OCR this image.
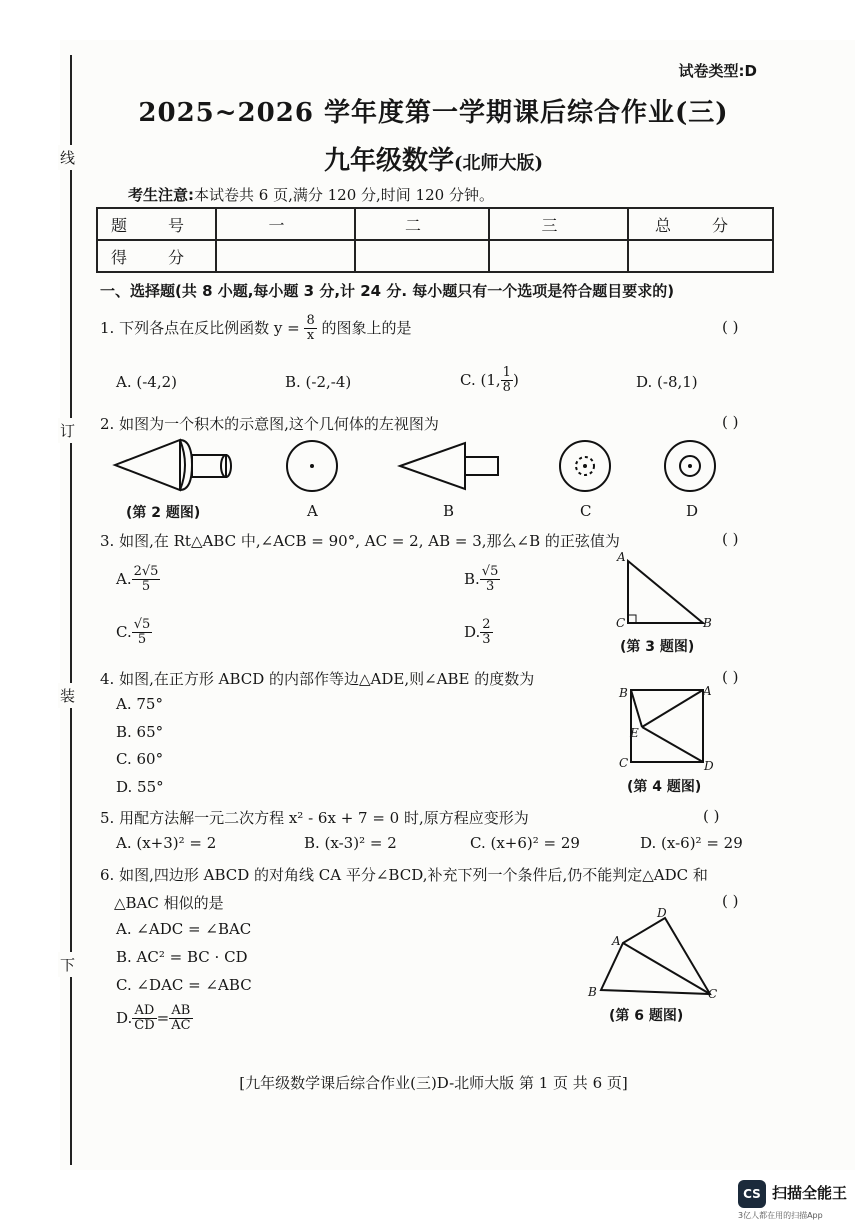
线
订
装
下
试卷类型:D
2025~2026 学年度第一学期课后综合作业(三)
九年级数学(北师大版)
考生注意:本试卷共 6 页,满分 120 分,时间 120 分钟。
题 号	一	二	三	总 分
得 分				
一、选择题(共 8 小题,每小题 3 分,计 24 分. 每小题只有一个选项是符合题目要求的)
1. 下列各点在反比例函数 $y = \frac{8}{x}$ 的图象上的是	( )
A. (-4,2)	B. (-2,-4)	C. (1, $\frac{1}{8}$ )	D. (-8,1)
2. 如图为一个积木的示意图,这个几何体的左视图为	( )
(第 2 题图)	A	B	C	D
3. 如图,在 Rt△ABC 中,∠ACB = 90°, AC = 2, AB = 3,那么∠B 的正弦值为	( )
A. $\frac{2√5}{5}$	B. $\frac{√5}{3}$
C. $\frac{√5}{5}$	D. $\frac{2}{3}$
A
C	B
(第 3 题图)
4. 如图,在正方形 ABCD 的内部作等边△ADE,则∠ABE 的度数为	( )
A. 75°
B. 65°
C. 60°
D. 55°
B	A
E
C	D
(第 4 题图)
5. 用配方法解一元二次方程 x² - 6x + 7 = 0 时,原方程应变形为	( )
A. (x+3)² = 2	B. (x-3)² = 2	C. (x+6)² = 29	D. (x-6)² = 29
6. 如图,四边形 ABCD 的对角线 CA 平分∠BCD,补充下列一个条件后,仍不能判定△ADC 和
△BAC 相似的是	( )
A. ∠ADC = ∠BAC
B. AC² = BC · CD
C. ∠DAC = ∠ABC
D. $\frac{AD}{CD} = \frac{AB}{AC}$
D
A
B	C
(第 6 题图)
[九年级数学课后综合作业(三)D-北师大版 第 1 页 共 6 页]
CS 扫描全能王
3亿人都在用的扫描App
